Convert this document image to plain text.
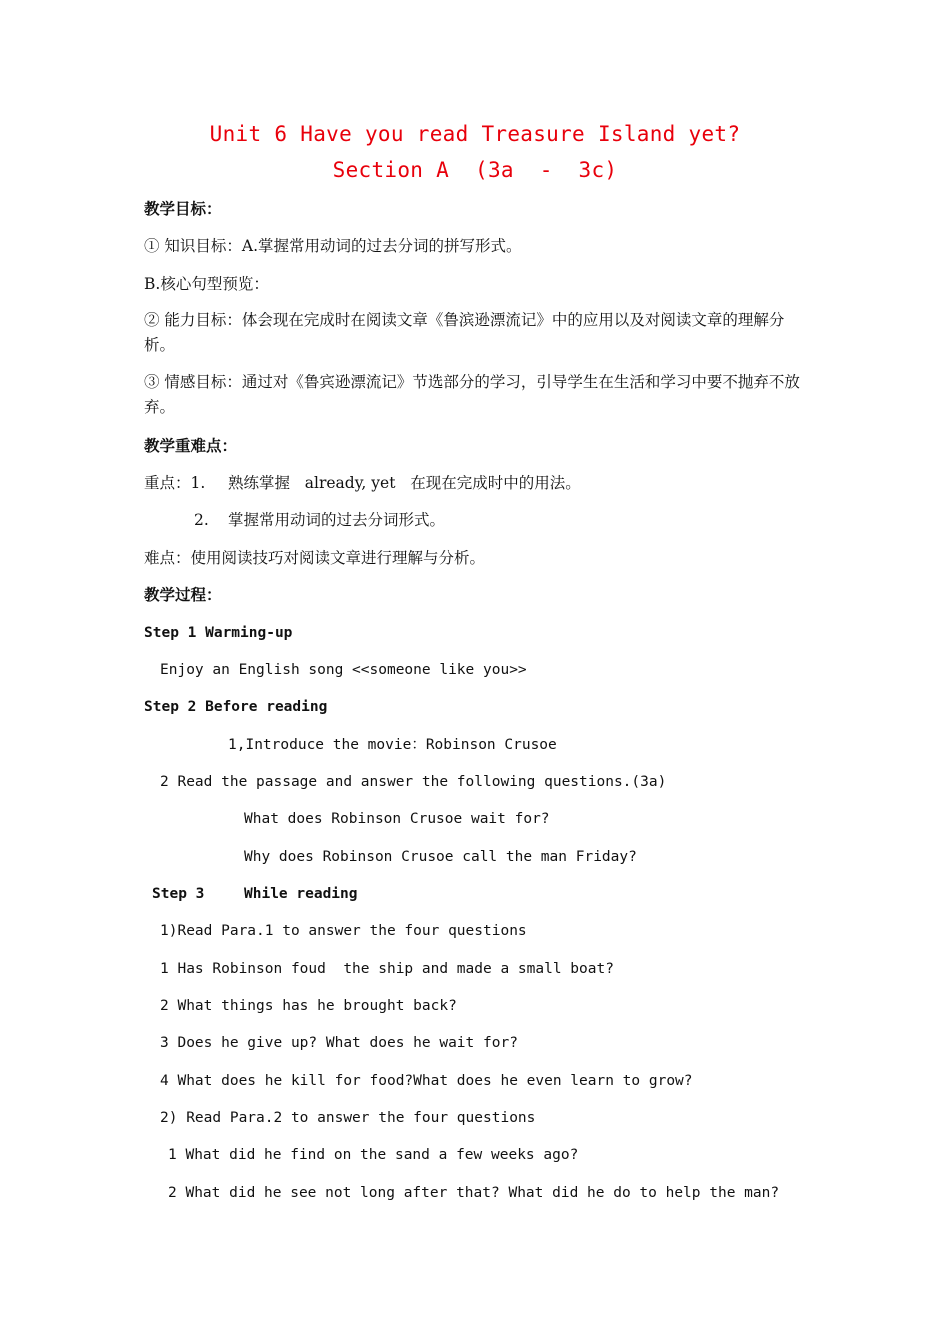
Unit 6 Have you read Treasure Island yet?
Section A  (3a  -  3c)
教学目标：
① 知识目标：A.掌握常用动词的过去分词的拼写形式。
B.核心句型预览：
② 能力目标：体会现在完成时在阅读文章《鲁滨逊漂流记》中的应用以及对阅读文章的理解分析。
③ 情感目标：通过对《鲁宾逊漂流记》节选部分的学习，引导学生在生活和学习中要不抛弃不放弃。
教学重难点：
重点：1. 熟练掌握   already, yet   在现在完成时中的用法。
2. 掌握常用动词的过去分词形式。
难点：使用阅读技巧对阅读文章进行理解与分析。
教学过程：
Step 1 Warming-up
Enjoy an English song <<someone like you>>
Step 2 Before reading
1,Introduce the movie：Robinson Crusoe
2 Read the passage and answer the following questions.(3a)
What does Robinson Crusoe wait for?
Why does Robinson Crusoe call the man Friday?
Step 3	While reading
1)Read Para.1 to answer the four questions
1 Has Robinson foud  the ship and made a small boat?
2 What things has he brought back?
3 Does he give up? What does he wait for?
4 What does he kill for food?What does he even learn to grow?
2) Read Para.2 to answer the four questions
1 What did he find on the sand a few weeks ago?
2 What did he see not long after that? What did he do to help the man?
